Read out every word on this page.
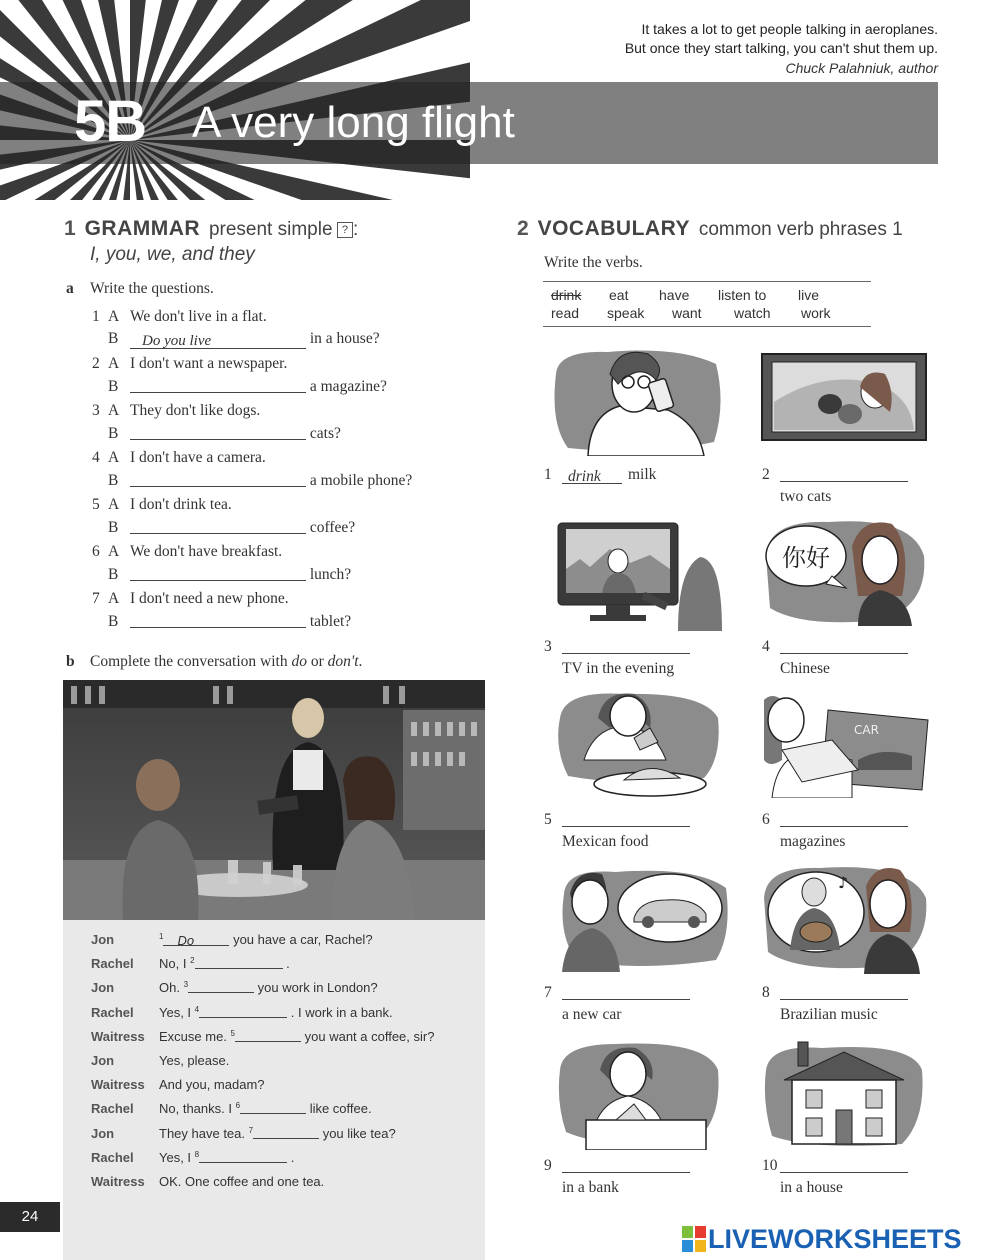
It takes a lot to get people talking in aeroplanes.
But once they start talking, you can't shut them up.
Chuck Palahniuk, author
5B A very long flight
1 GRAMMAR present simple ? :
I, you, we, and they
a Write the questions.
1 A We don't live in a flat.
B Do you live	in a house?
2 A I don't want a newspaper.
B	a magazine?
3 A They don't like dogs.
B	cats?
4 A I don't have a camera.
B	a mobile phone?
5 A I don't drink tea.
B	coffee?
6 A We don't have breakfast.
B	lunch?
7 A I don't need a new phone.
B	tablet?
b Complete the conversation with do or don't.
Jon	$^1$ Do	you have a car, Rachel?
Rachel No, I $^2$	.
Jon	Oh. $^3$	you work in London?
Rachel Yes, I $^4$	. I work in a bank.
Waitress Excuse me. $^5$	you want a coffee, sir?
Jon	Yes, please.
Waitress And you, madam?
Rachel No, thanks. I $^6$	like coffee.
Jon	They have tea. $^7$	you like tea?
Rachel Yes, I $^8$	.
Waitress OK. One coffee and one tea.
2 VOCABULARY common verb phrases 1
Write the verbs.
drink eat have listen to live
read speak want watch work
你好
CAR
♪
1	drink	milk	2
two cats
3
TV in the evening
4
Chinese
5
Mexican food
6
magazines
7
a new car
8
Brazilian music
9
in a bank
10
in a house
24
LIVEWORKSHEETS
